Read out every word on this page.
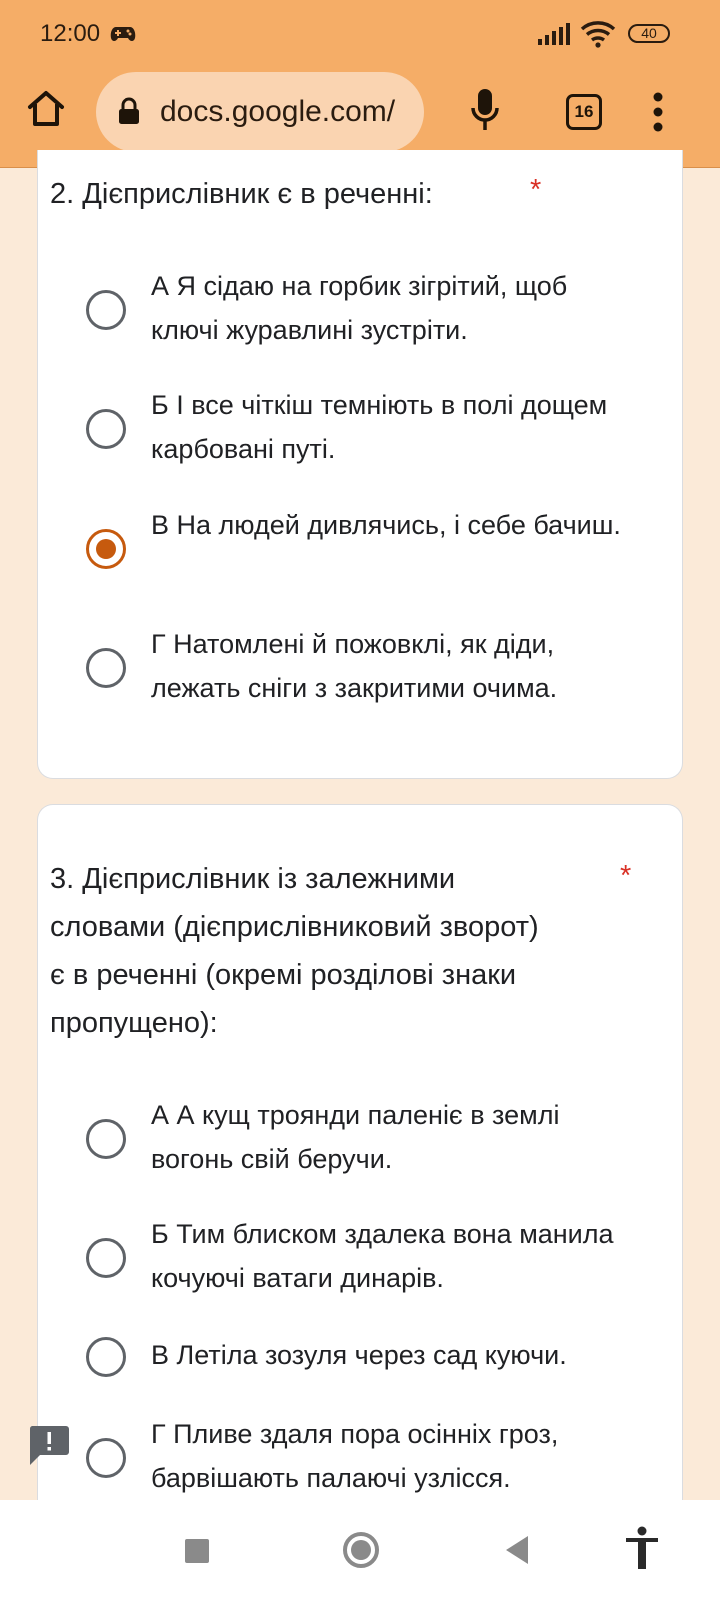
12:00	40
docs.google.com/	16
2. Дієприслівник є в реченні:	*
А Я сідаю на горбик зігрітий, щоб ключі журавлині зустріти.
Б І все чіткіш темніють в полі дощем карбовані путі.
В На людей дивлячись, і себе бачиш.
Г Натомлені й пожовклі, як діди, лежать сніги з закритими очима.
3. Дієприслівник із залежними словами (дієприслівниковий зворот) є в реченні (окремі розділові знаки пропущено):
*
А А кущ троянди паленіє в землі вогонь свій беручи.
Б Тим блиском здалека вона манила кочуючі ватаги динарів.
В Летіла зозуля через сад куючи.
Г Пливе здаля пора осінніх гроз, барвішають палаючі узлісся.
